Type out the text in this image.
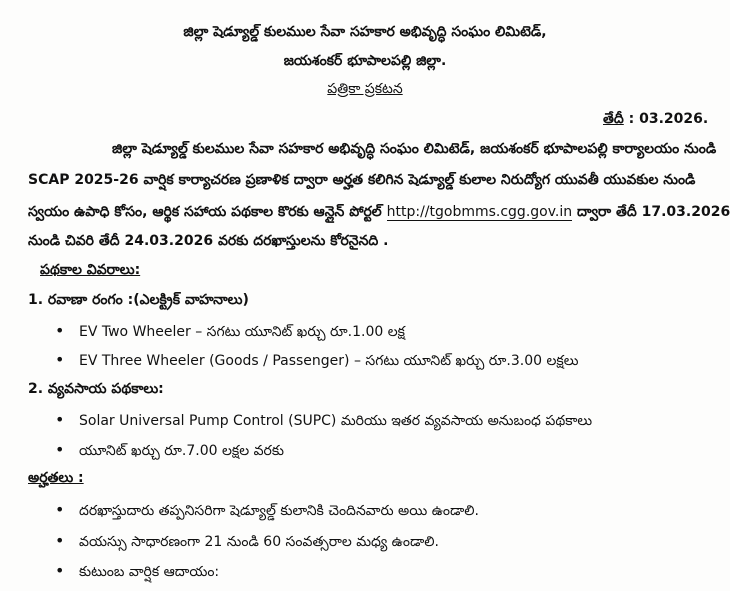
జిల్లా షెడ్యూల్డ్ కులముల సేవా సహకార అభివృద్ధి సంఘం లిమిటెడ్,
జయశంకర్ భూపాలపల్లి జిల్లా.
పత్రికా ప్రకటన
తేదీ : 03.2026.
జిల్లా షెడ్యూల్డ్ కులముల సేవా సహకార అభివృద్ధి సంఘం లిమిటెడ్, జయశంకర్ భూపాలపల్లి కార్యాలయం నుండి
SCAP 2025-26 వార్షిక కార్యాచరణ ప్రణాళిక ద్వారా అర్హత కలిగిన షెడ్యూల్డ్ కులాల నిరుద్యోగ యువతీ యువకుల నుండి
స్వయం ఉపాధి కోసం, ఆర్థిక సహాయ పథకాల కొరకు ఆన్లైన్ పోర్టల్ http://tgobmms.cgg.gov.in ద్వారా తేదీ 17.03.2026
నుండి చివరి తేదీ 24.03.2026 వరకు దరఖాస్తులను కోరనైనది .
పథకాల వివరాలు:
1. రవాణా రంగం :(ఎలక్ట్రిక్ వాహనాలు)
• EV Two Wheeler – సగటు యూనిట్ ఖర్చు రూ.1.00 లక్ష
• EV Three Wheeler (Goods / Passenger) – సగటు యూనిట్ ఖర్చు రూ.3.00 లక్షలు
2. వ్యవసాయ పథకాలు:
• Solar Universal Pump Control (SUPC) మరియు ఇతర వ్యవసాయ అనుబంధ పథకాలు
• యూనిట్ ఖర్చు రూ.7.00 లక్షల వరకు
అర్హతలు :
• దరఖాస్తుదారు తప్పనిసరిగా షెడ్యూల్డ్ కులానికి చెందినవారు అయి ఉండాలి.
• వయస్సు సాధారణంగా 21 నుండి 60 సంవత్సరాల మధ్య ఉండాలి.
• కుటుంబ వార్షిక ఆదాయం:
